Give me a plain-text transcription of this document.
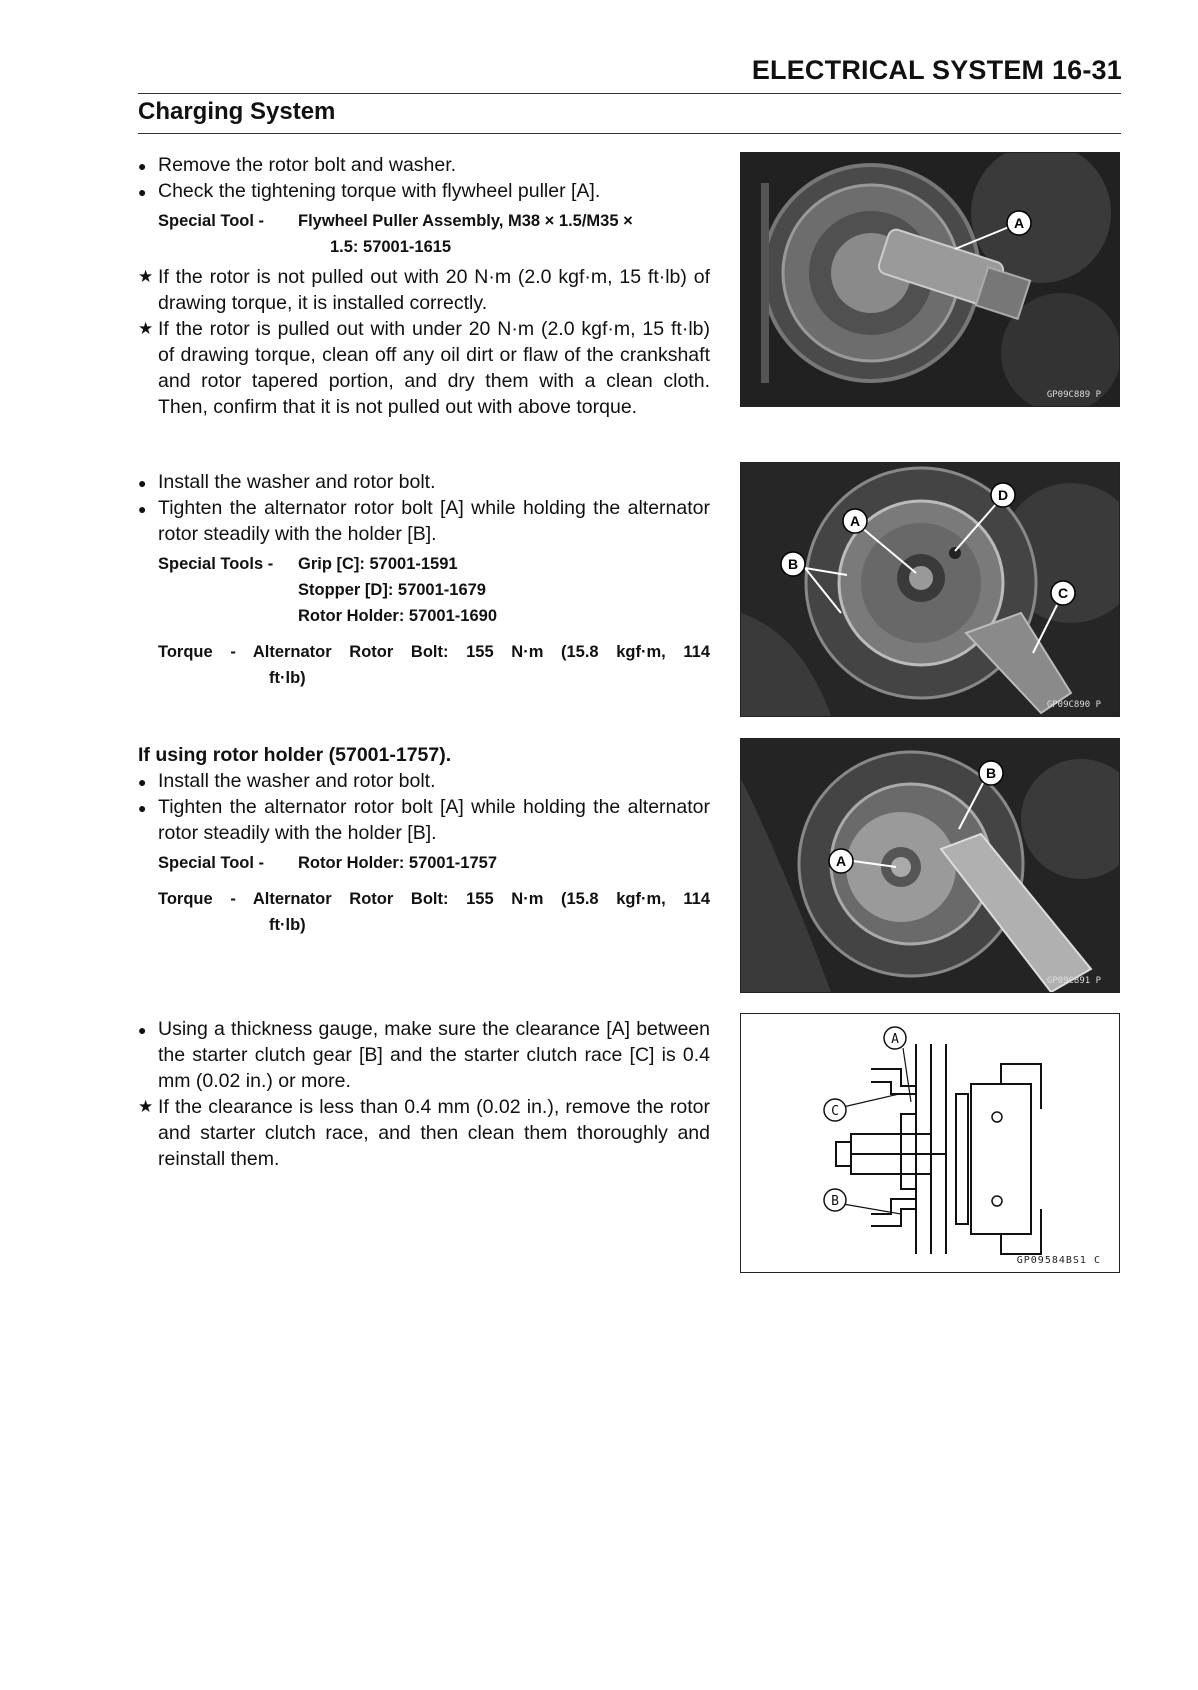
ELECTRICAL SYSTEM 16-31
Charging System
● Remove the rotor bolt and washer.
● Check the tightening torque with flywheel puller [A].
Special Tool - Flywheel Puller Assembly, M38 × 1.5/M35 ×
1.5: 57001-1615
★ If the rotor is not pulled out with 20 N·m (2.0 kgf·m, 15 ft·lb) of drawing torque, it is installed correctly.
★ If the rotor is pulled out with under 20 N·m (2.0 kgf·m, 15 ft·lb) of drawing torque, clean off any oil dirt or flaw of the crankshaft and rotor tapered portion, and dry them with a clean cloth. Then, confirm that it is not pulled out with above torque.
● Install the washer and rotor bolt.
● Tighten the alternator rotor bolt [A] while holding the alternator rotor steadily with the holder [B].
Special Tools - Grip [C]: 57001-1591
Stopper [D]: 57001-1679
Rotor Holder: 57001-1690
Torque - Alternator Rotor Bolt: 155 N·m (15.8 kgf·m, 114
ft·lb)
If using rotor holder (57001-1757).
● Install the washer and rotor bolt.
● Tighten the alternator rotor bolt [A] while holding the alternator rotor steadily with the holder [B].
Special Tool - Rotor Holder: 57001-1757
Torque - Alternator Rotor Bolt: 155 N·m (15.8 kgf·m, 114
ft·lb)
● Using a thickness gauge, make sure the clearance [A] between the starter clutch gear [B] and the starter clutch race [C] is 0.4 mm (0.02 in.) or more.
★ If the clearance is less than 0.4 mm (0.02 in.), remove the rotor and starter clutch race, and then clean them thoroughly and reinstall them.
A
GP09C889 P
A
B
C
D
GP09C890 P
B
A
GP09C891 P
A
C
B
GP09584BS1 C
